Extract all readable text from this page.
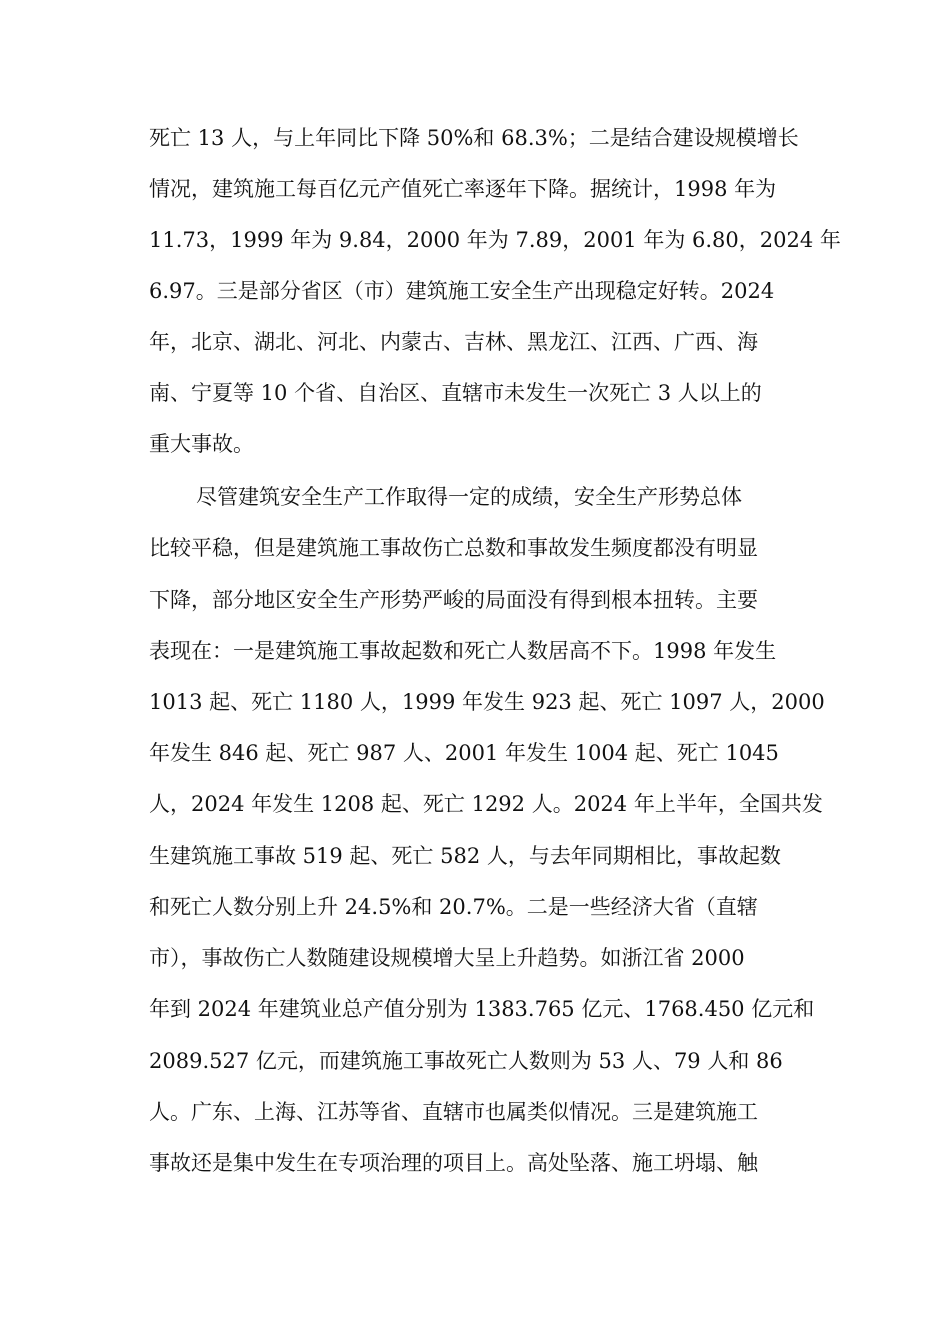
死亡 13 人，与上年同比下降 50%和 68.3%；二是结合建设规模增长
情况，建筑施工每百亿元产值死亡率逐年下降。据统计，1998 年为
11.73，1999 年为 9.84，2000 年为 7.89，2001 年为 6.80，2024 年
6.97。三是部分省区（市）建筑施工安全生产出现稳定好转。2024
年，北京、湖北、河北、内蒙古、吉林、黑龙江、江西、广西、海
南、宁夏等 10 个省、自治区、直辖市未发生一次死亡 3 人以上的
重大事故。
尽管建筑安全生产工作取得一定的成绩，安全生产形势总体
比较平稳，但是建筑施工事故伤亡总数和事故发生频度都没有明显
下降，部分地区安全生产形势严峻的局面没有得到根本扭转。主要
表现在：一是建筑施工事故起数和死亡人数居高不下。1998 年发生
1013 起、死亡 1180 人，1999 年发生 923 起、死亡 1097 人，2000
年发生 846 起、死亡 987 人、2001 年发生 1004 起、死亡 1045
人，2024 年发生 1208 起、死亡 1292 人。2024 年上半年，全国共发
生建筑施工事故 519 起、死亡 582 人，与去年同期相比，事故起数
和死亡人数分别上升 24.5%和 20.7%。二是一些经济大省（直辖
市），事故伤亡人数随建设规模增大呈上升趋势。如浙江省 2000
年到 2024 年建筑业总产值分别为 1383.765 亿元、1768.450 亿元和
2089.527 亿元，而建筑施工事故死亡人数则为 53 人、79 人和 86
人。广东、上海、江苏等省、直辖市也属类似情况。三是建筑施工
事故还是集中发生在专项治理的项目上。高处坠落、施工坍塌、触
